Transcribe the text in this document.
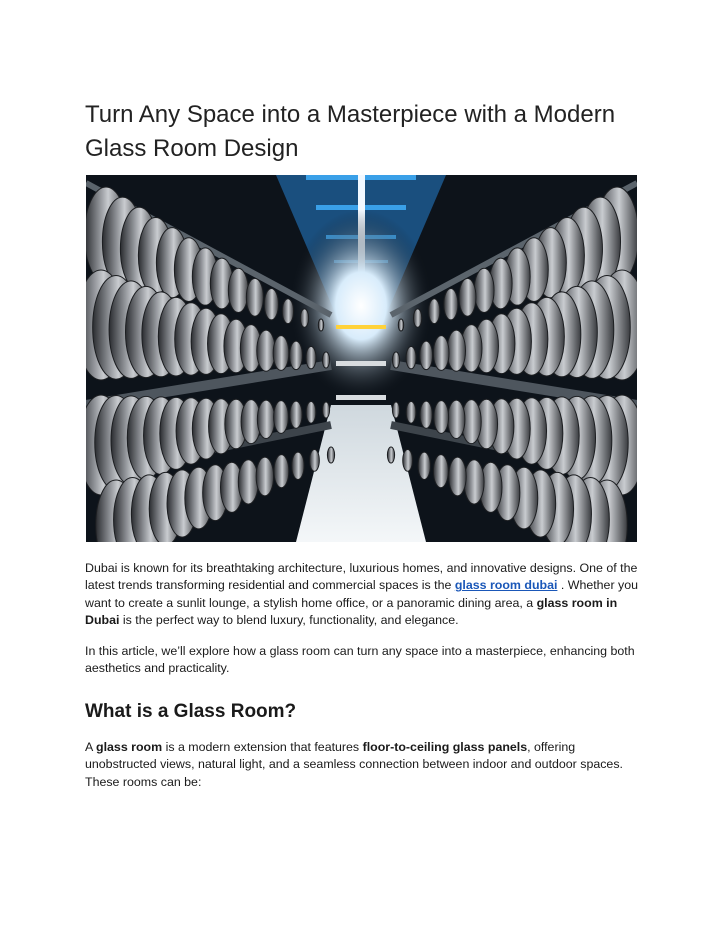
Turn Any Space into a Masterpiece with a Modern
Glass Room Design

Dubai is known for its breathtaking architecture, luxurious homes, and innovative designs. One of the latest trends transforming residential and commercial spaces is the glass room dubai . Whether you want to create a sunlit lounge, a stylish home office, or a panoramic dining area, a glass room in Dubai is the perfect way to blend luxury, functionality, and elegance.

In this article, we’ll explore how a glass room can turn any space into a masterpiece, enhancing both aesthetics and practicality.

What is a Glass Room?

A glass room is a modern extension that features floor-to-ceiling glass panels, offering unobstructed views, natural light, and a seamless connection between indoor and outdoor spaces. These rooms can be:
